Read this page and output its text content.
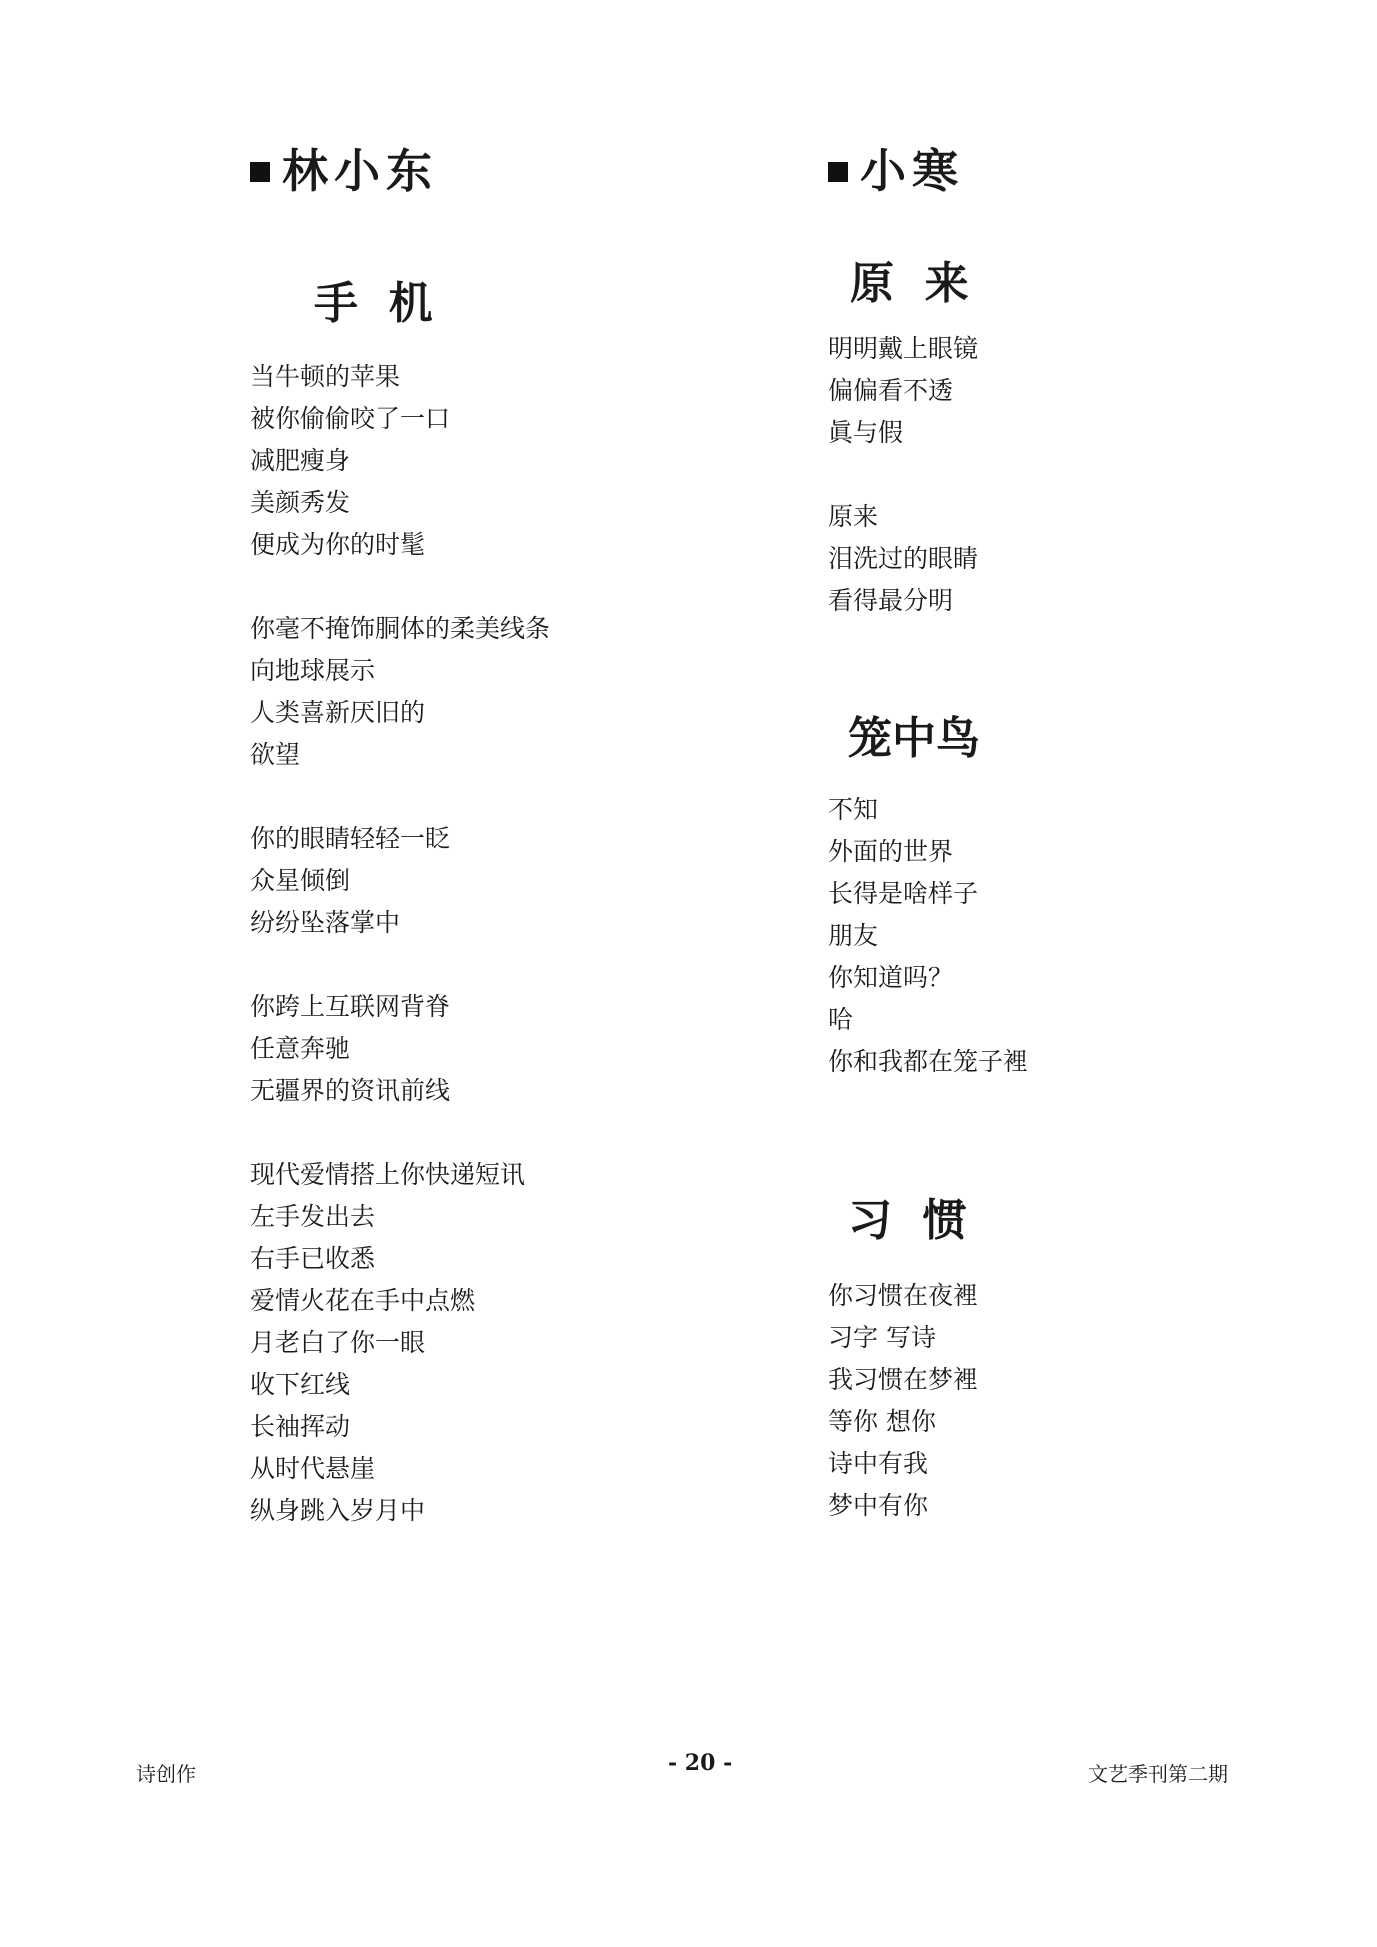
林小东
手  机
当牛顿的苹果
被你偷偷咬了一口
减肥瘦身
美颜秀发
便成为你的时髦
你毫不掩饰胴体的柔美线条
向地球展示
人类喜新厌旧的
欲望
你的眼睛轻轻一眨
众星倾倒
纷纷坠落掌中
你跨上互联网背脊
任意奔驰
无疆界的资讯前线
现代爱情搭上你快递短讯
左手发出去
右手已收悉
爱情火花在手中点燃
月老白了你一眼
收下红线
长袖挥动
从时代悬崖
纵身跳入岁月中
小寒
原  来
明明戴上眼镜
偏偏看不透
眞与假
原来
泪洗过的眼睛
看得最分明
笼中鸟
不知
外面的世界
长得是啥样子
朋友
你知道吗？
哈
你和我都在笼子裡
习  惯
你习惯在夜裡
习字 写诗
我习惯在梦裡
等你 想你
诗中有我
梦中有你
诗创作	- 20 -	文艺季刊第二期
